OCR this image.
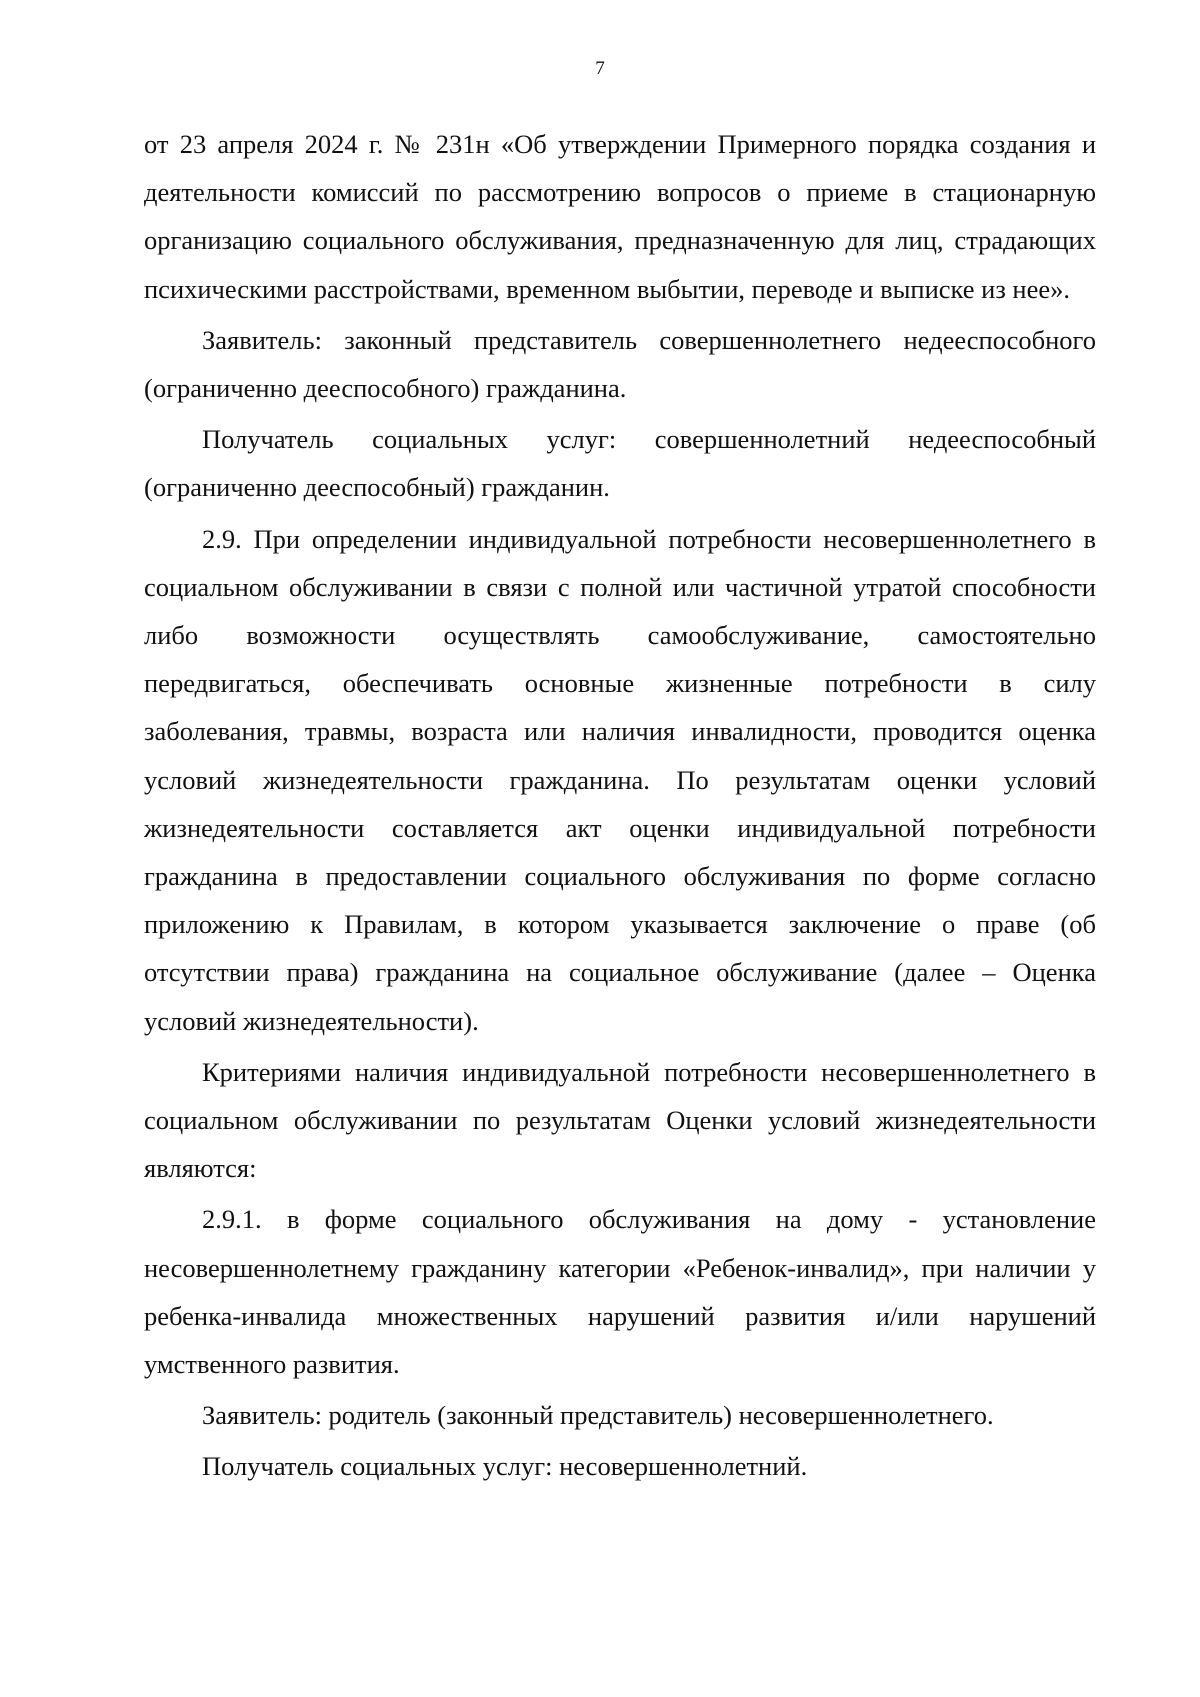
7

от 23 апреля 2024 г. № 231н «Об утверждении Примерного порядка создания и деятельности комиссий по рассмотрению вопросов о приеме в стационарную организацию социального обслуживания, предназначенную для лиц, страдающих психическими расстройствами, временном выбытии, переводе и выписке из нее».

Заявитель: законный представитель совершеннолетнего недееспособного (ограниченно дееспособного) гражданина.

Получатель социальных услуг: совершеннолетний недееспособный (ограниченно дееспособный) гражданин.

2.9. При определении индивидуальной потребности несовершеннолетнего в социальном обслуживании в связи с полной или частичной утратой способности либо возможности осуществлять самообслуживание, самостоятельно передвигаться, обеспечивать основные жизненные потребности в силу заболевания, травмы, возраста или наличия инвалидности, проводится оценка условий жизнедеятельности гражданина. По результатам оценки условий жизнедеятельности составляется акт оценки индивидуальной потребности гражданина в предоставлении социального обслуживания по форме согласно приложению к Правилам, в котором указывается заключение о праве (об отсутствии права) гражданина на социальное обслуживание (далее – Оценка условий жизнедеятельности).

Критериями наличия индивидуальной потребности несовершеннолетнего в социальном обслуживании по результатам Оценки условий жизнедеятельности являются:

2.9.1. в форме социального обслуживания на дому - установление несовершеннолетнему гражданину категории «Ребенок-инвалид», при наличии у ребенка-инвалида множественных нарушений развития и/или нарушений умственного развития.

Заявитель: родитель (законный представитель) несовершеннолетнего.

Получатель социальных услуг: несовершеннолетний.
